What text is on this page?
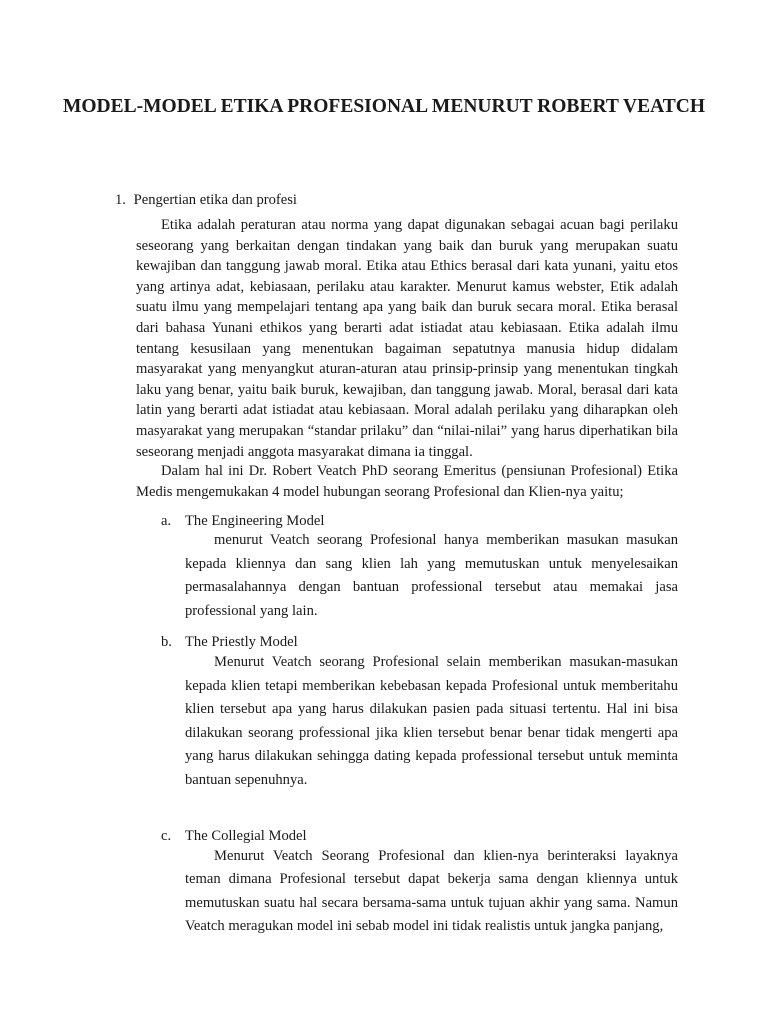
MODEL-MODEL ETIKA PROFESIONAL MENURUT ROBERT VEATCH

1. Pengertian etika dan profesi

Etika adalah peraturan atau norma yang dapat digunakan sebagai acuan bagi perilaku seseorang yang berkaitan dengan tindakan yang baik dan buruk yang merupakan suatu kewajiban dan tanggung jawab moral. Etika atau Ethics berasal dari kata yunani, yaitu etos yang artinya adat, kebiasaan, perilaku atau karakter. Menurut kamus webster, Etik adalah suatu ilmu yang mempelajari tentang apa yang baik dan buruk secara moral. Etika berasal dari bahasa Yunani ethikos yang berarti adat istiadat atau kebiasaan. Etika adalah ilmu tentang kesusilaan yang menentukan bagaiman sepatutnya manusia hidup didalam masyarakat yang menyangkut aturan-aturan atau prinsip-prinsip yang menentukan tingkah laku yang benar, yaitu baik buruk, kewajiban, dan tanggung jawab. Moral, berasal dari kata latin yang berarti adat istiadat atau kebiasaan. Moral adalah perilaku yang diharapkan oleh masyarakat yang merupakan “standar prilaku” dan “nilai-nilai” yang harus diperhatikan bila seseorang menjadi anggota masyarakat dimana ia tinggal.

Dalam hal ini Dr. Robert Veatch PhD seorang Emeritus (pensiunan Profesional) Etika Medis mengemukakan 4 model hubungan seorang Profesional dan Klien-nya yaitu;

a. The Engineering Model

menurut Veatch seorang Profesional hanya memberikan masukan masukan kepada kliennya dan sang klien lah yang memutuskan untuk menyelesaikan permasalahannya dengan bantuan professional tersebut atau memakai jasa professional yang lain.

b. The Priestly Model

Menurut Veatch seorang Profesional selain memberikan masukan-masukan kepada klien tetapi memberikan kebebasan kepada Profesional untuk memberitahu klien tersebut apa yang harus dilakukan pasien pada situasi tertentu. Hal ini bisa dilakukan seorang professional jika klien tersebut benar benar tidak mengerti apa yang harus dilakukan sehingga dating kepada professional tersebut untuk meminta bantuan sepenuhnya.

c. The Collegial Model

Menurut Veatch Seorang Profesional dan klien-nya berinteraksi layaknya teman dimana Profesional tersebut dapat bekerja sama dengan kliennya untuk memutuskan suatu hal secara bersama-sama untuk tujuan akhir yang sama. Namun Veatch meragukan model ini sebab model ini tidak realistis untuk jangka panjang,
